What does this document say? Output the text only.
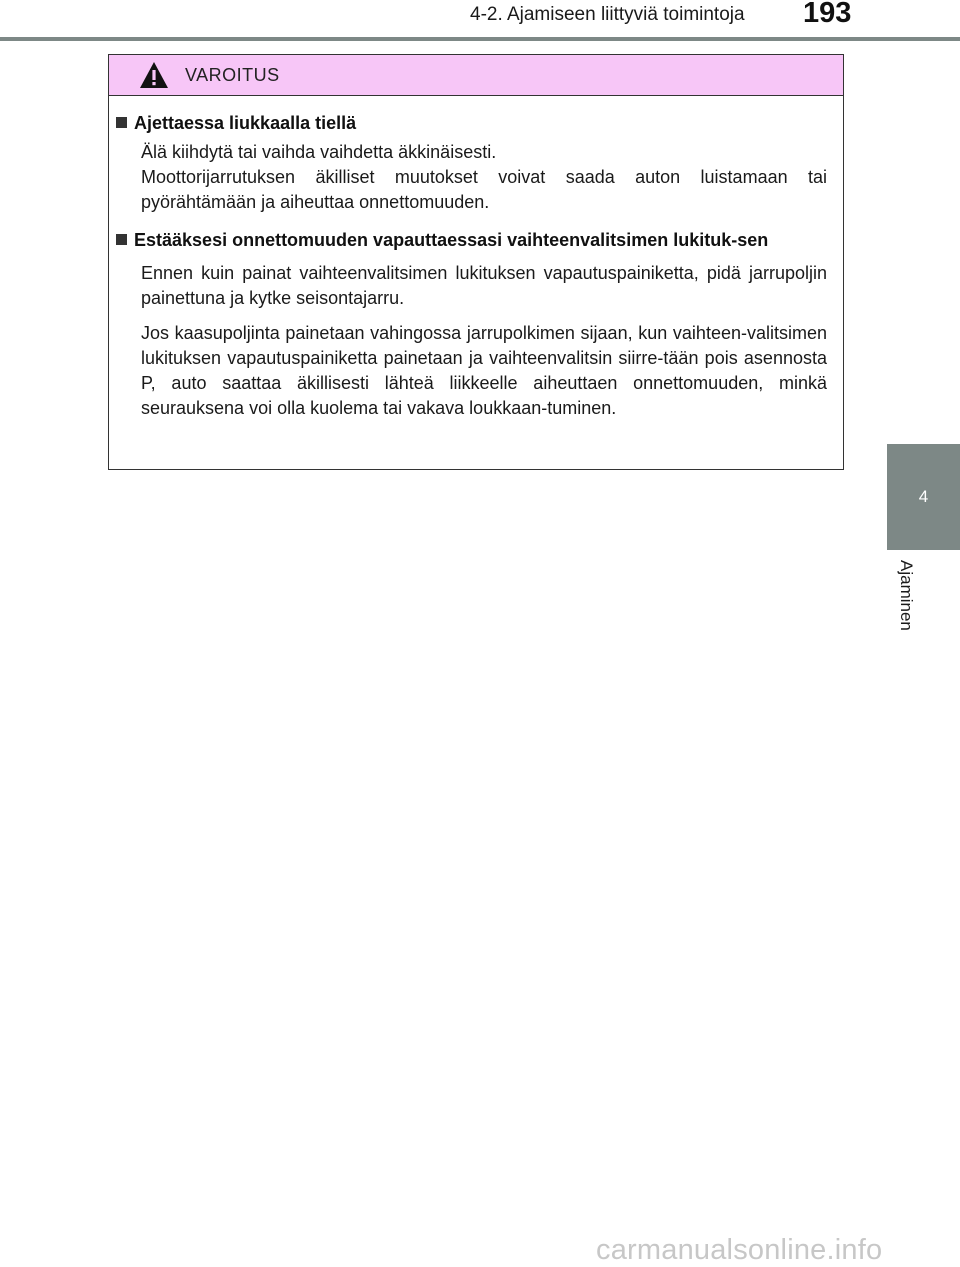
4-2. Ajamiseen liittyviä toimintoja 193
4
Ajaminen
VAROITUS
Ajettaessa liukkaalla tiellä
Älä kiihdytä tai vaihda vaihdetta äkkinäisesti.
Moottorijarrutuksen äkilliset muutokset voivat saada auton luistamaan tai pyörähtämään ja aiheuttaa onnettomuuden.
Estääksesi onnettomuuden vapauttaessasi vaihteenvalitsimen lukituk-sen
Ennen kuin painat vaihteenvalitsimen lukituksen vapautuspainiketta, pidä jarrupoljin painettuna ja kytke seisontajarru.
Jos kaasupoljinta painetaan vahingossa jarrupolkimen sijaan, kun vaihteen-valitsimen lukituksen vapautuspainiketta painetaan ja vaihteenvalitsin siirre-tään pois asennosta P, auto saattaa äkillisesti lähteä liikkeelle aiheuttaen onnettomuuden, minkä seurauksena voi olla kuolema tai vakava loukkaan-tuminen.
carmanualsonline.info
